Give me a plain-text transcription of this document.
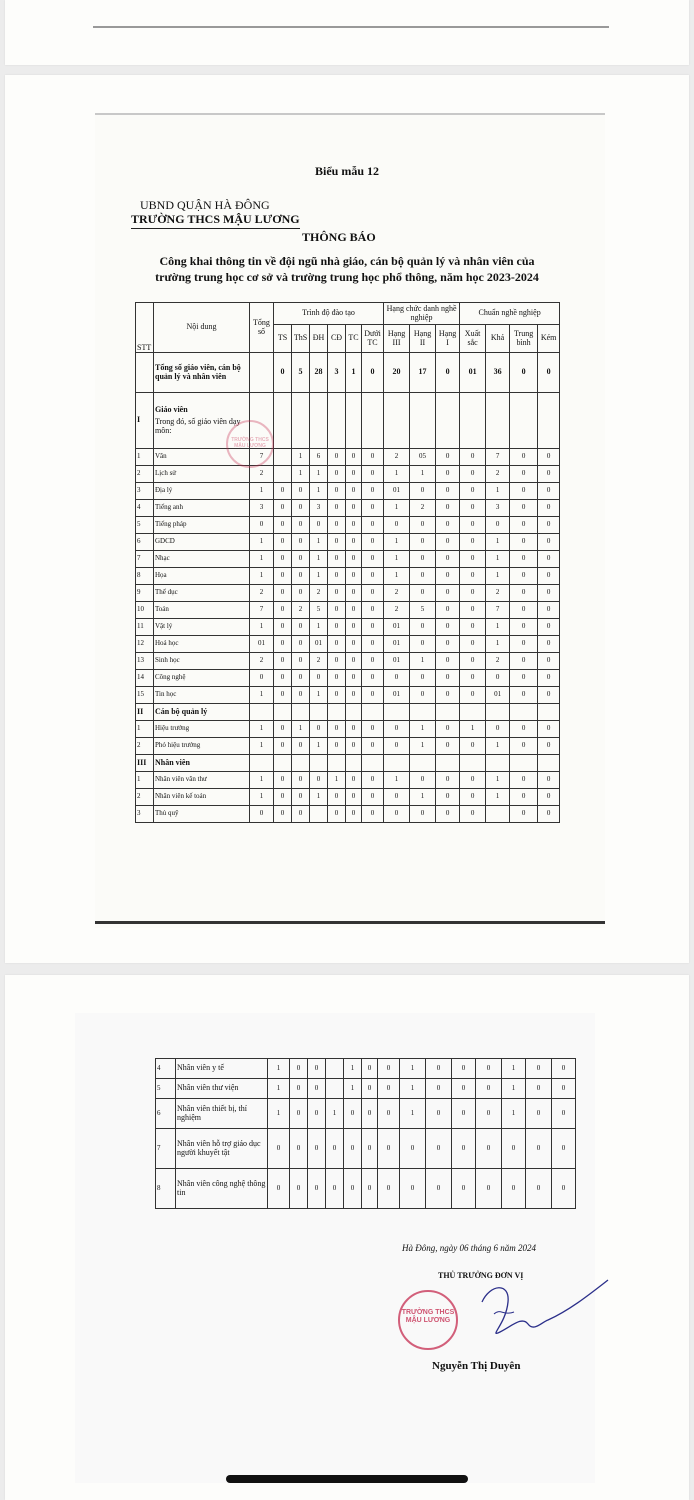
Biểu mẫu 12
UBND QUẬN HÀ ĐÔNG
TRƯỜNG THCS MẬU LƯƠNG
THÔNG BÁO
Công khai thông tin về đội ngũ nhà giáo, cán bộ quản lý và nhân viên của
trường trung học cơ sở và trường trung học phổ thông, năm học 2023-2024
STT	Nội dung	Tổng số	Trình độ đào tạo						Hạng chức danh nghề nghiệp			Chuẩn nghề nghiệp			
			TS	ThS	ĐH	CĐ	TC	Dưới TC	Hạng III	Hạng II	Hạng I	Xuất sắc	Khá	Trung bình	Kém
	Tổng số giáo viên, cán bộ quản lý và nhân viên		0	5	28	3	1	0	20	17	0	01	36	0	0
I	Giáo viên
Trong đó, số giáo viên dạy môn:														

1	Văn	7		1	6	0	0	0	2	05	0	0	7	0	0
2	Lịch sử	2		1	1	0	0	0	1	1	0	0	2	0	0
3	Địa lý	1	0	0	1	0	0	0	01	0	0	0	1	0	0
4	Tiếng anh	3	0	0	3	0	0	0	1	2	0	0	3	0	0
5	Tiếng pháp	0	0	0	0	0	0	0	0	0	0	0	0	0	0
6	GDCD	1	0	0	1	0	0	0	1	0	0	0	1	0	0
7	Nhạc	1	0	0	1	0	0	0	1	0	0	0	1	0	0
8	Họa	1	0	0	1	0	0	0	1	0	0	0	1	0	0
9	Thể dục	2	0	0	2	0	0	0	2	0	0	0	2	0	0
10	Toán	7	0	2	5	0	0	0	2	5	0	0	7	0	0
11	Vật lý	1	0	0	1	0	0	0	01	0	0	0	1	0	0
12	Hoá học	01	0	0	01	0	0	0	01	0	0	0	1	0	0
13	Sinh học	2	0	0	2	0	0	0	01	1	0	0	2	0	0
14	Công nghệ	0	0	0	0	0	0	0	0	0	0	0	0	0	0
15	Tin học	1	0	0	1	0	0	0	01	0	0	0	01	0	0
II	Cán bộ quản lý														
1	Hiệu trưởng	1	0	1	0	0	0	0	0	1	0	1	0	0	0
2	Phó hiệu trưởng	1	0	0	1	0	0	0	0	1	0	0	1	0	0
III	Nhân viên														
1	Nhân viên văn thư	1	0	0	0	1	0	0	1	0	0	0	1	0	0
2	Nhân viên kế toán	1	0	0	1	0	0	0	0	1	0	0	1	0	0
3	Thủ quỹ	0	0	0		0	0	0	0	0	0	0		0	0
TRƯỜNG THCS MẬU LƯƠNG
4	Nhân viên y tế	1	0	0		1	0	0	1	0	0	0	1	0	0
5	Nhân viên thư viện	1	0	0		1	0	0	1	0	0	0	1	0	0
6	Nhân viên thiết bị, thí nghiệm	1	0	0	1	0	0	0	1	0	0	0	1	0	0
7	Nhân viên hỗ trợ giáo dục người khuyết tật	0	0	0	0	0	0	0	0	0	0	0	0	0	0
8	Nhân viên công nghệ thông tin	0	0	0	0	0	0	0	0	0	0	0	0	0	0
Hà Đông, ngày 06 tháng 6 năm 2024
THỦ TRƯỞNG ĐƠN VỊ
TRƯỜNG THCS MẬU LƯƠNG
Nguyễn Thị Duyên
